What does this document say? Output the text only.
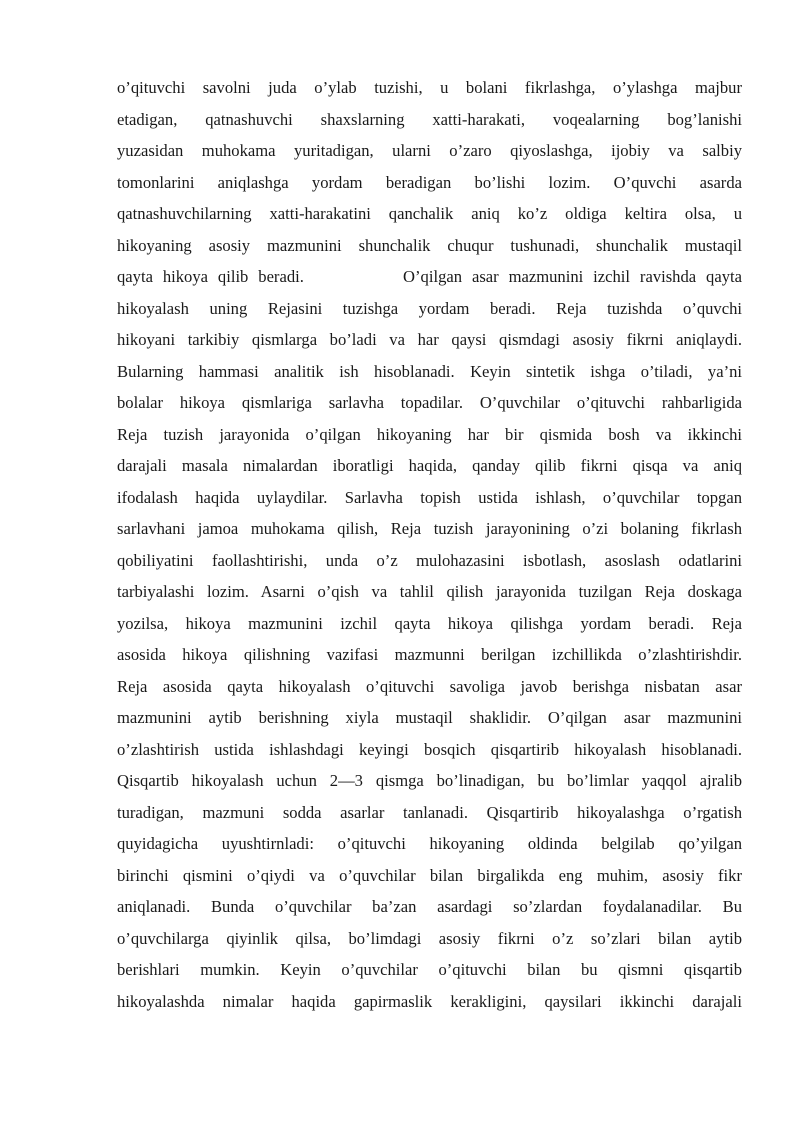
o’qituvchi savolni juda o’ylab tuzishi, u bolani fikrlashga, o’ylashga majbur
etadigan, qatnashuvchi shaxslarning xatti-harakati, voqealarning bog’lanishi
yuzasidan muhokama yuritadigan, ularni o’zaro qiyoslashga, ijobiy va salbiy
tomonlarini aniqlashga yordam beradigan bo’lishi lozim. O’quvchi asarda
qatnashuvchilarning xatti-harakatini qanchalik aniq ko’z oldiga keltira olsa, u
hikoyaning asosiy mazmunini shunchalik chuqur tushunadi, shunchalik mustaqil
qayta hikoya qilib beradi.          O’qilgan asar mazmunini izchil ravishda qayta
hikoyalash uning Rejasini tuzishga yordam beradi. Reja tuzishda o’quvchi
hikoyani tarkibiy qismlarga bo’ladi va har qaysi qismdagi asosiy fikrni aniqlaydi.
Bularning hammasi analitik ish hisoblanadi. Keyin sintetik ishga o’tiladi, ya’ni
bolalar hikoya qismlariga sarlavha topadilar. O’quvchilar o’qituvchi rahbarligida
Reja tuzish jarayonida o’qilgan hikoyaning har bir qismida bosh va ikkinchi
darajali masala nimalardan iboratligi haqida, qanday qilib fikrni qisqa va aniq
ifodalash haqida uylaydilar. Sarlavha topish ustida ishlash, o’quvchilar topgan
sarlavhani jamoa muhokama qilish, Reja tuzish jarayonining o’zi bolaning fikrlash
qobiliyatini faollashtirishi, unda o’z mulohazasini isbotlash, asoslash odatlarini
tarbiyalashi lozim. Asarni o’qish va tahlil qilish jarayonida tuzilgan Reja doskaga
yozilsa, hikoya mazmunini izchil qayta hikoya qilishga yordam beradi. Reja
asosida hikoya qilishning vazifasi mazmunni berilgan izchillikda o’zlashtirishdir.
Reja asosida qayta hikoyalash o’qituvchi savoliga javob berishga nisbatan asar
mazmunini aytib berishning xiyla mustaqil shaklidir. O’qilgan asar mazmunini
o’zlashtirish ustida ishlashdagi keyingi bosqich qisqartirib hikoyalash hisoblanadi.
Qisqartib hikoyalash uchun 2—3 qismga bo’linadigan, bu bo’limlar yaqqol ajralib
turadigan, mazmuni sodda asarlar tanlanadi. Qisqartirib hikoyalashga o’rgatish
quyidagicha uyushtirnladi: o’qituvchi hikoyaning oldinda belgilab qo’yilgan
birinchi qismini o’qiydi va o’quvchilar bilan birgalikda eng muhim, asosiy fikr
aniqlanadi. Bunda o’quvchilar ba’zan asardagi so’zlardan foydalanadilar. Bu
o’quvchilarga qiyinlik qilsa, bo’limdagi asosiy fikrni o’z so’zlari bilan aytib
berishlari mumkin. Keyin o’quvchilar o’qituvchi bilan bu qismni qisqartib
hikoyalashda nimalar haqida gapirmaslik kerakligini, qaysilari ikkinchi darajali
